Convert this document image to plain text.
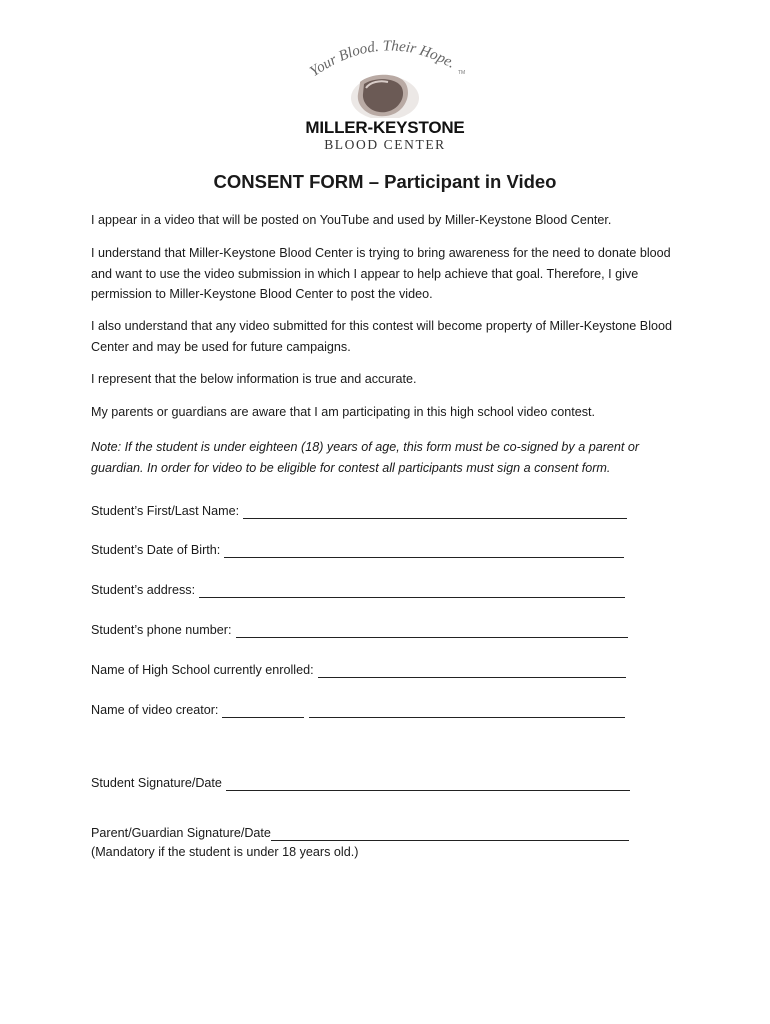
Your Blood. Their Hope.
TM
MILLER-KEYSTONE
BLOOD CENTER
CONSENT FORM – Participant in Video
I appear in a video that will be posted on YouTube and used by Miller-Keystone Blood Center.
I understand that Miller-Keystone Blood Center is trying to bring awareness for the need to donate blood and want to use the video submission in which I appear to help achieve that goal. Therefore, I give permission to Miller-Keystone Blood Center to post the video.
I also understand that any video submitted for this contest will become property of Miller-Keystone Blood Center and may be used for future campaigns.
I represent that the below information is true and accurate.
My parents or guardians are aware that I am participating in this high school video contest.
Note: If the student is under eighteen (18) years of age, this form must be co-signed by a parent or guardian. In order for video to be eligible for contest all participants must sign a consent form.
Student’s First/Last Name:
Student’s Date of Birth:
Student’s address:
Student’s phone number:
Name of High School currently enrolled:
Name of video creator:
Student Signature/Date
Parent/Guardian Signature/Date
(Mandatory if the student is under 18 years old.)
